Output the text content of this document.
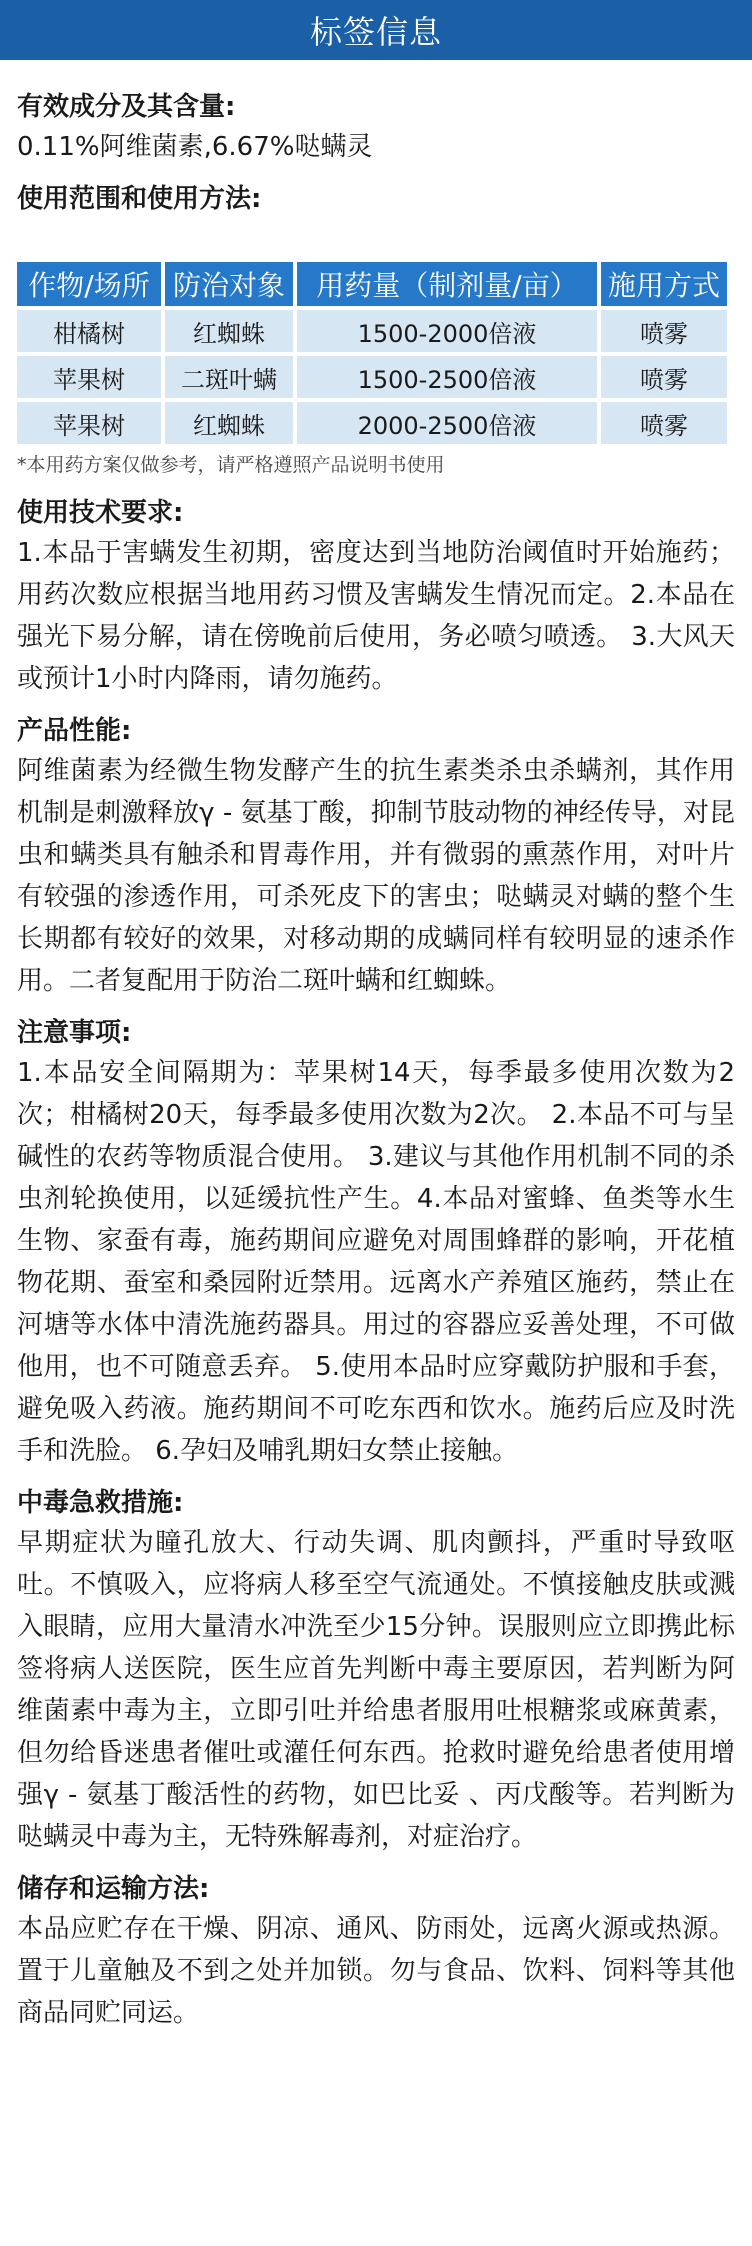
标签信息

有效成分及其含量:

0.11%阿维菌素,6.67%哒螨灵

使用范围和使用方法:

作物/场所	防治对象	用药量（制剂量/亩）	施用方式
柑橘树	红蜘蛛	1500-2000倍液	喷雾
苹果树	二斑叶螨	1500-2500倍液	喷雾
苹果树	红蜘蛛	2000-2500倍液	喷雾

*本用药方案仅做参考，请严格遵照产品说明书使用

使用技术要求:

1.本品于害螨发生初期，密度达到当地防治阈值时开始施药；用药次数应根据当地用药习惯及害螨发生情况而定。2.本品在强光下易分解，请在傍晚前后使用，务必喷匀喷透。 3.大风天或预计1小时内降雨，请勿施药。

产品性能:

阿维菌素为经微生物发酵产生的抗生素类杀虫杀螨剂，其作用机制是刺激释放γ - 氨基丁酸，抑制节肢动物的神经传导，对昆虫和螨类具有触杀和胃毒作用，并有微弱的熏蒸作用，对叶片有较强的渗透作用，可杀死皮下的害虫；哒螨灵对螨的整个生长期都有较好的效果，对移动期的成螨同样有较明显的速杀作用。二者复配用于防治二斑叶螨和红蜘蛛。

注意事项:

1.本品安全间隔期为：苹果树14天，每季最多使用次数为2次；柑橘树20天，每季最多使用次数为2次。 2.本品不可与呈碱性的农药等物质混合使用。 3.建议与其他作用机制不同的杀虫剂轮换使用，以延缓抗性产生。4.本品对蜜蜂、鱼类等水生生物、家蚕有毒，施药期间应避免对周围蜂群的影响，开花植物花期、蚕室和桑园附近禁用。远离水产养殖区施药，禁止在河塘等水体中清洗施药器具。用过的容器应妥善处理，不可做他用，也不可随意丢弃。 5.使用本品时应穿戴防护服和手套，避免吸入药液。施药期间不可吃东西和饮水。施药后应及时洗手和洗脸。 6.孕妇及哺乳期妇女禁止接触。

中毒急救措施:

早期症状为瞳孔放大、行动失调、肌肉颤抖，严重时导致呕吐。不慎吸入，应将病人移至空气流通处。不慎接触皮肤或溅入眼睛，应用大量清水冲洗至少15分钟。误服则应立即携此标签将病人送医院，医生应首先判断中毒主要原因，若判断为阿维菌素中毒为主，立即引吐并给患者服用吐根糖浆或麻黄素，但勿给昏迷患者催吐或灌任何东西。抢救时避免给患者使用增强γ - 氨基丁酸活性的药物，如巴比妥 、丙戊酸等。若判断为哒螨灵中毒为主，无特殊解毒剂，对症治疗。

储存和运输方法:

本品应贮存在干燥、阴凉、通风、防雨处，远离火源或热源。置于儿童触及不到之处并加锁。勿与食品、饮料、饲料等其他商品同贮同运。
